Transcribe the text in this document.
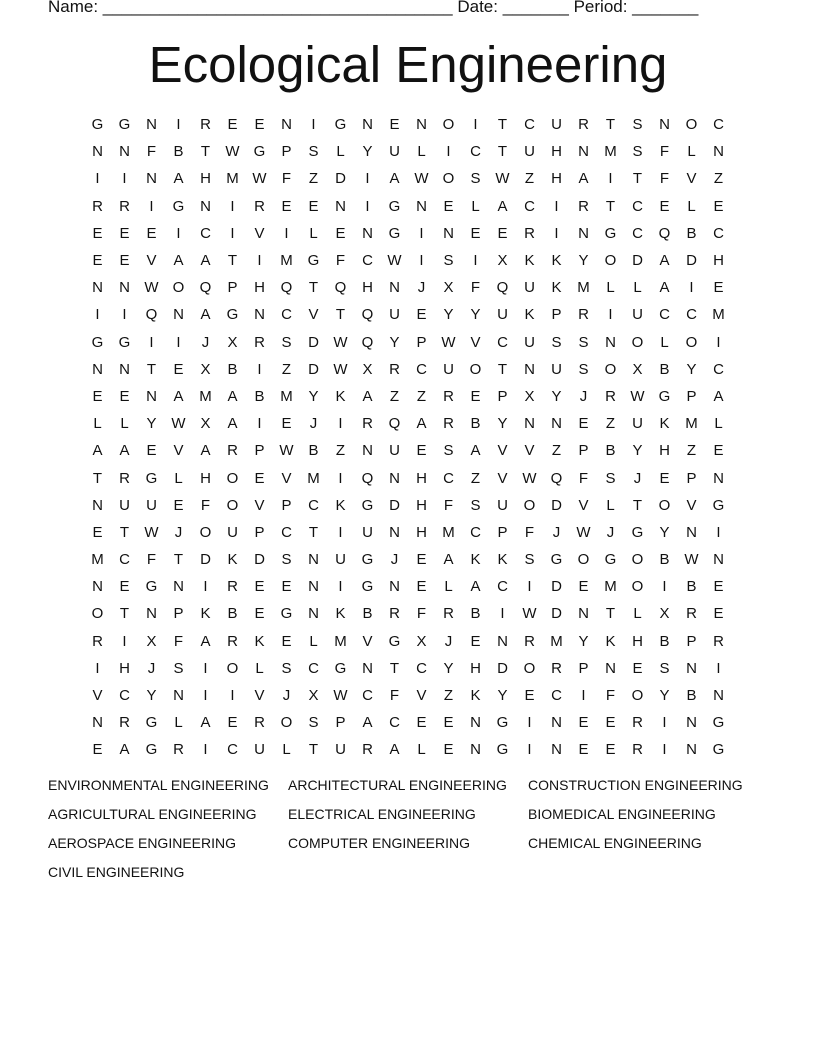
Name: _____________________________________ Date: _______ Period: _______
Ecological Engineering
G	G	N	I	R	E	E	N	I	G	N	E	N	O	I	T	C	U	R	T	S	N	O	C
N	N	F	B	T	W G	P	S	L	Y	U	L	I	C	T	U	H	N	M	S	F	L	N
I	I	N	A	H	M W	F	Z	D	I	A W O	S W	Z	H	A	I	T	F	V	Z
R	R	I	G	N	I	R	E	E	N	I	G	N	E	L	A	C	I	R	T	C	E	L	E
E	E	E	I	C	I	V	I	L	E	N	G	I	N	E	E	R	I	N	G	C	Q	B	C
E	E	V	A	A	T	I	M G	F	C W	I	S	I	X	K	K	Y	O	D	A	D	H
N	N W O	Q	P	H	Q	T	Q	H	N	J	X	F	Q	U	K	M	L	L	A	I	E
I	I	Q	N	A	G	N	C	V	T	Q	U	E	Y	Y	U	K	P	R	I	U	C	C	M
G	G	I	I	J	X	R	S	D W Q	Y	P W V	C	U	S	S	N	O	L	O	I
N	N	T	E	X	B	I	Z	D W X	R	C	U	O	T	N	U	S	O	X	B	Y	C
E	E	N	A	M	A	B	M	Y	K	A	Z	Z	R	E	P	X	Y	J	R W G	P	A
L	L	Y W X	A	I	E	J	I	R	Q	A	R	B	Y	N	N	E	Z	U	K	M	L
A	A	E	V	A	R	P W B	Z	N	U	E	S	A	V	V	Z	P	B	Y	H	Z	E
T	R	G	L	H	O	E	V	M	I	Q	N	H	C	Z	V W Q	F	S	J	E	P	N
N	U	U	E	F	O	V	P	C	K	G	D	H	F	S	U	O	D	V	L	T	O	V	G
E	T	W	J	O	U	P	C	T	I	U	N	H	M	C	P	F	J	W	J	G	Y	N	I
M	C	F	T	D	K	D	S	N	U	G	J	E	A	K	K	S	G	O	G	O	B W N
N	E	G	N	I	R	E	E	N	I	G	N	E	L	A	C	I	D	E	M O	I	B	E
O	T	N	P	K	B	E	G	N	K	B	R	F	R	B	I	W D	N	T	L	X	R	E
R	I	X	F	A	R	K	E	L	M	V	G	X	J	E	N	R	M	Y	K	H	B	P	R
I	H	J	S	I	O	L	S	C	G	N	T	C	Y	H	D	O	R	P	N	E	S	N	I
V	C	Y	N	I	I	V	J	X W C	F	V	Z	K	Y	E	C	I	F	O	Y	B	N
N	R	G	L	A	E	R	O	S	P	A	C	E	E	N	G	I	N	E	E	R	I	N	G
E	A	G	R	I	C	U	L	T	U	R	A	L	E	N	G	I	N	E	E	R	I	N	G
ENVIRONMENTAL ENGINEERING	ARCHITECTURAL ENGINEERING	CONSTRUCTION ENGINEERING
AGRICULTURAL ENGINEERING	ELECTRICAL ENGINEERING	BIOMEDICAL ENGINEERING
AEROSPACE ENGINEERING	COMPUTER ENGINEERING	CHEMICAL ENGINEERING
CIVIL ENGINEERING
